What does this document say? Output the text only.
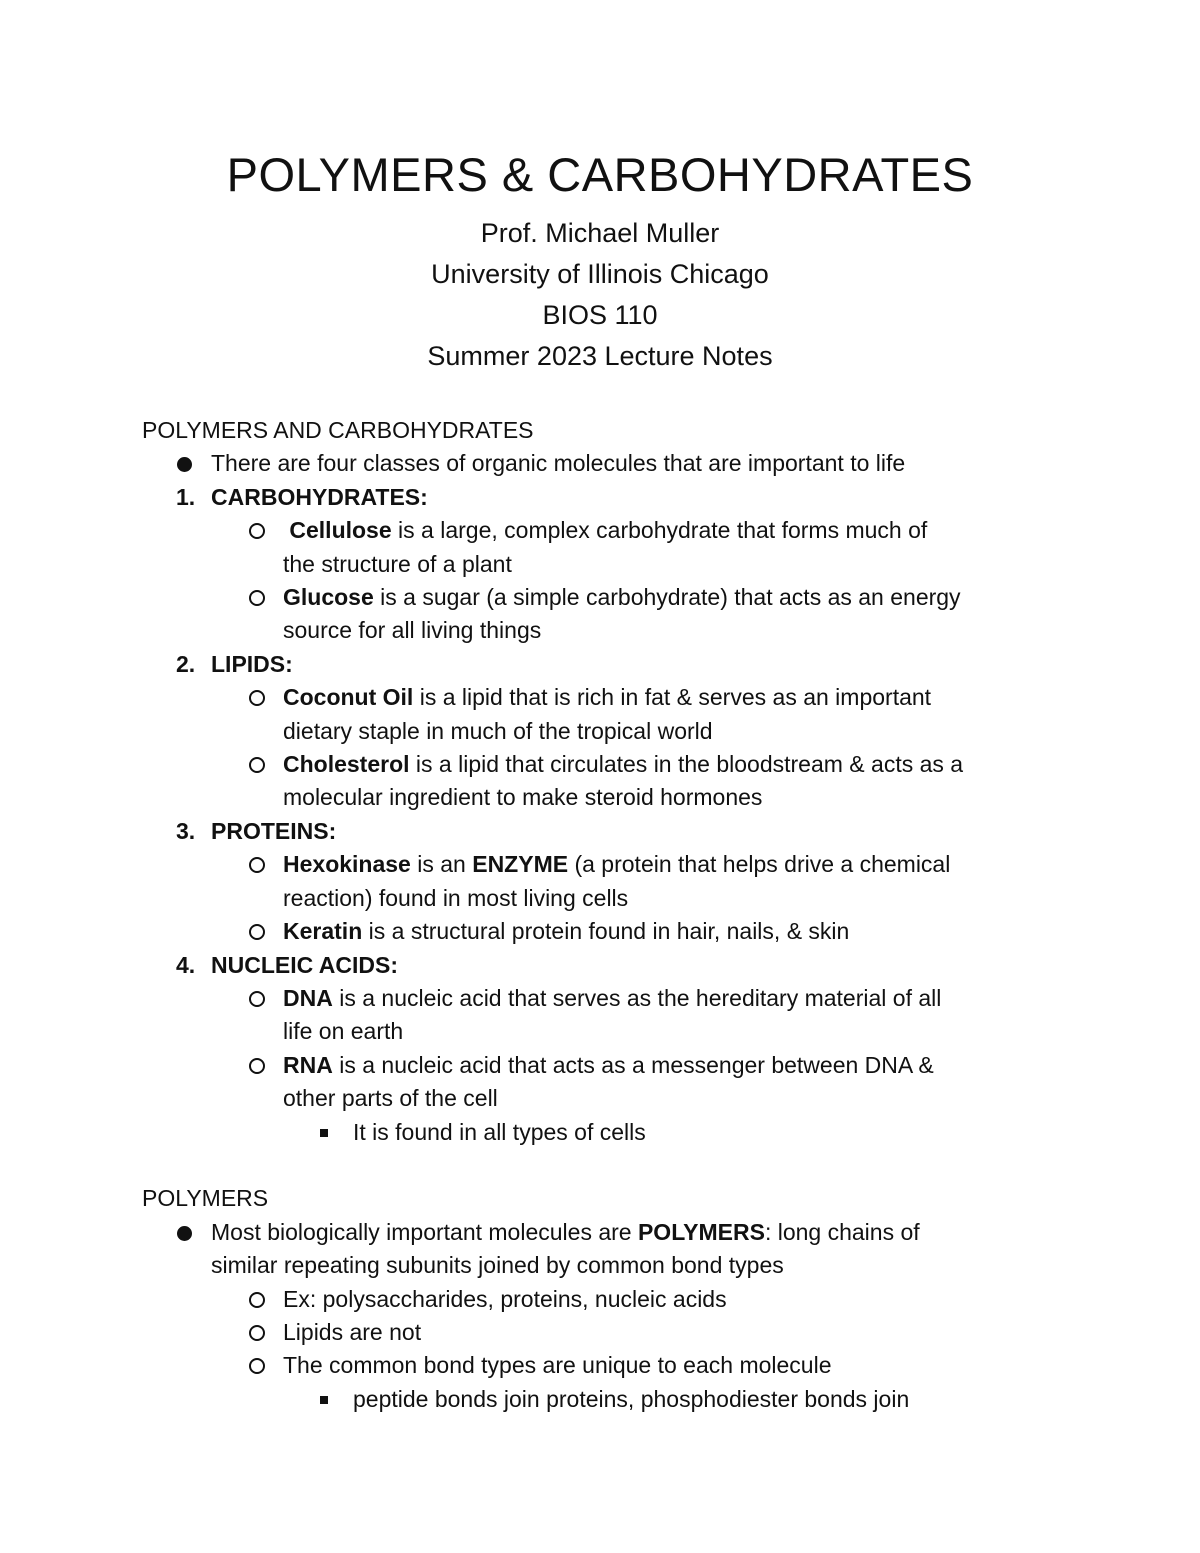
POLYMERS & CARBOHYDRATES
Prof. Michael Muller
University of Illinois Chicago
BIOS 110
Summer 2023 Lecture Notes
POLYMERS AND CARBOHYDRATES
There are four classes of organic molecules that are important to life
1. CARBOHYDRATES:
Cellulose is a large, complex carbohydrate that forms much of
the structure of a plant
Glucose is a sugar (a simple carbohydrate) that acts as an energy
source for all living things
2. LIPIDS:
Coconut Oil is a lipid that is rich in fat & serves as an important
dietary staple in much of the tropical world
Cholesterol is a lipid that circulates in the bloodstream & acts as a
molecular ingredient to make steroid hormones
3. PROTEINS:
Hexokinase is an ENZYME (a protein that helps drive a chemical
reaction) found in most living cells
Keratin is a structural protein found in hair, nails, & skin
4. NUCLEIC ACIDS:
DNA is a nucleic acid that serves as the hereditary material of all
life on earth
RNA is a nucleic acid that acts as a messenger between DNA &
other parts of the cell
It is found in all types of cells
POLYMERS
Most biologically important molecules are POLYMERS: long chains of
similar repeating subunits joined by common bond types
Ex: polysaccharides, proteins, nucleic acids
Lipids are not
The common bond types are unique to each molecule
peptide bonds join proteins, phosphodiester bonds join
